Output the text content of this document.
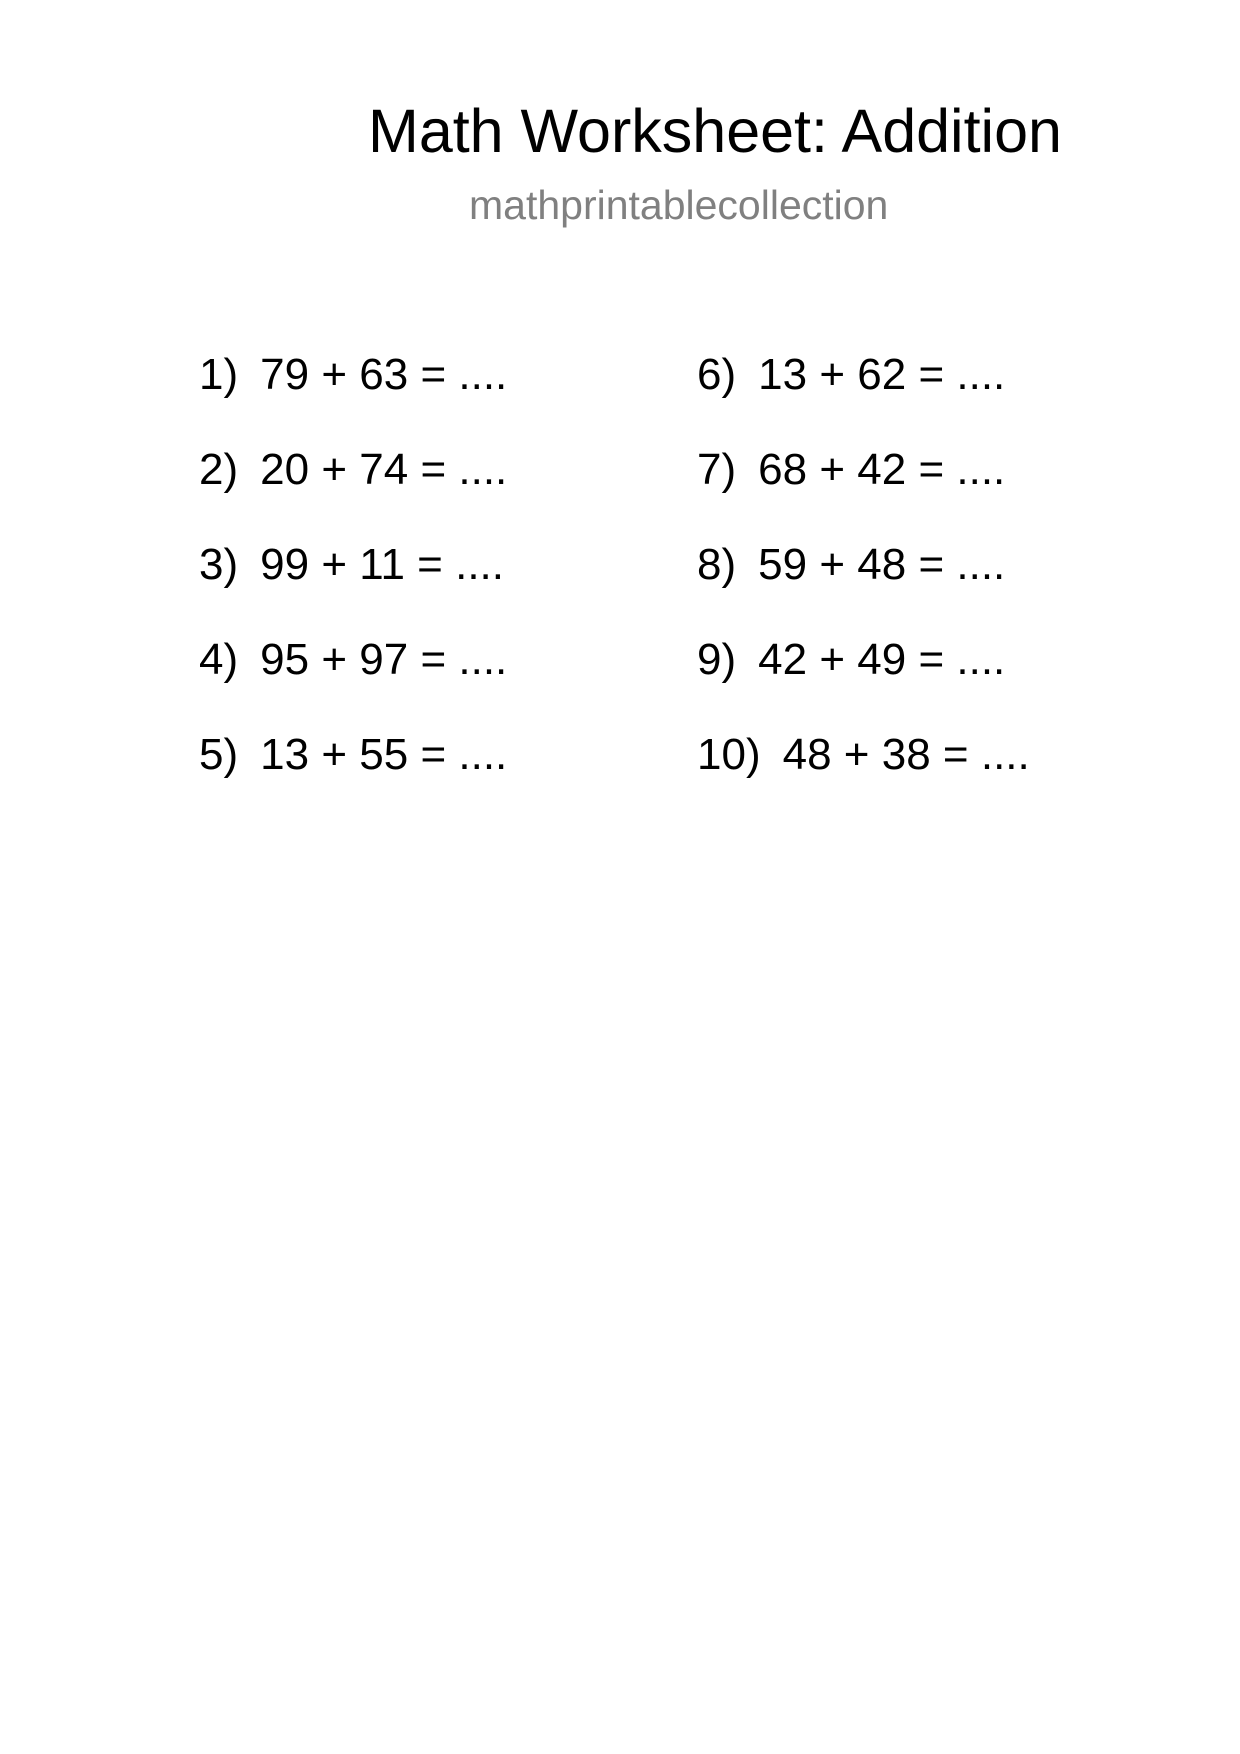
Math Worksheet: Addition
mathprintablecollection
1) 79 + 63 = ....
2) 20 + 74 = ....
3) 99 + 11 = ....
4) 95 + 97 = ....
5) 13 + 55 = ....
6) 13 + 62 = ....
7) 68 + 42 = ....
8) 59 + 48 = ....
9) 42 + 49 = ....
10) 48 + 38 = ....
